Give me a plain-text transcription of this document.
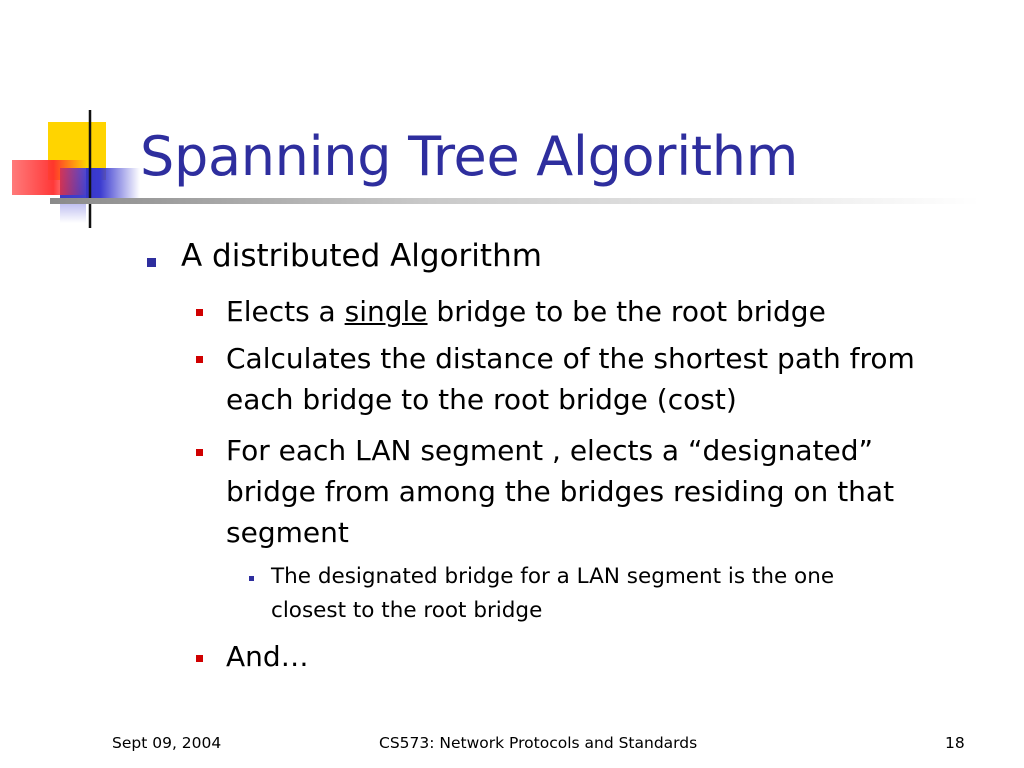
Spanning Tree Algorithm
A distributed Algorithm
Elects a single bridge to be the root bridge
Calculates the distance of the shortest path from
each bridge to the root bridge (cost)
For each LAN segment , elects a “designated”
bridge from among the bridges residing on that
segment
The designated bridge for a LAN segment is the one
closest to the root bridge
And…
Sept 09, 2004	CS573: Network Protocols and Standards	18
